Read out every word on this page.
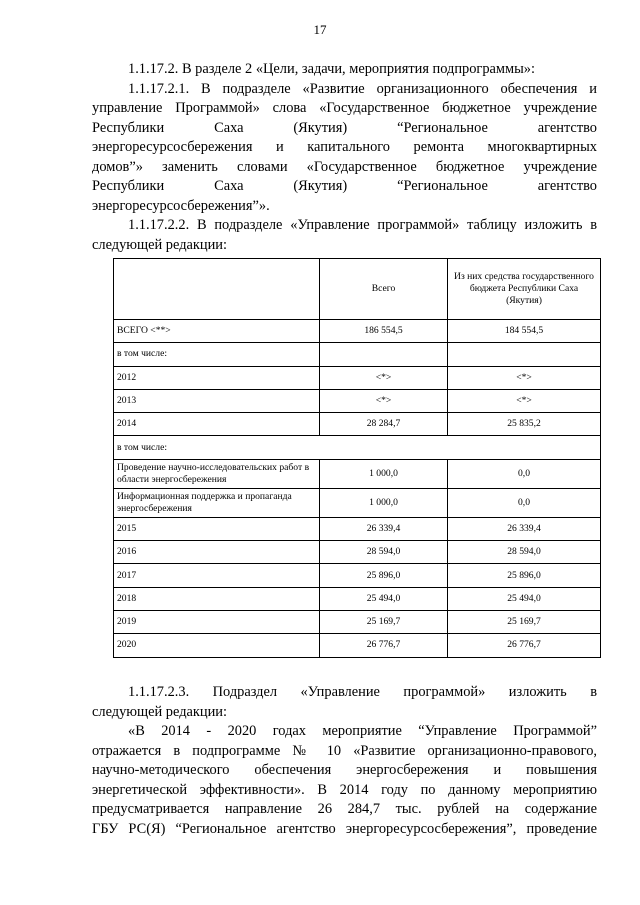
17
1.1.17.2. В разделе 2 «Цели, задачи, мероприятия подпрограммы»:
1.1.17.2.1. В подразделе «Развитие организационного обеспечения и
управление Программой» слова «Государственное бюджетное учреждение
Республики Саха (Якутия) “Региональное агентство
энергоресурсосбережения и капитального ремонта многоквартирных
домов”» заменить словами «Государственное бюджетное учреждение
Республики Саха (Якутия) “Региональное агентство
энергоресурсосбережения”».
1.1.17.2.2. В подразделе «Управление программой» таблицу изложить в
следующей редакции:
	Всего	Из них средства государственного бюджета Республики Саха (Якутия)
ВСЕГО <**>	186 554,5	184 554,5
в том числе:		
2012	<*>	<*>
2013	<*>	<*>
2014	28 284,7	25 835,2
в том числе:		
Проведение научно-исследовательских работ в области энергосбережения	1 000,0	0,0
Информационная поддержка и пропаганда энергосбережения	1 000,0	0,0
2015	26 339,4	26 339,4
2016	28 594,0	28 594,0
2017	25 896,0	25 896,0
2018	25 494,0	25 494,0
2019	25 169,7	25 169,7
2020	26 776,7	26 776,7
1.1.17.2.3. Подраздел «Управление программой» изложить в
следующей редакции:
«В 2014 - 2020 годах мероприятие “Управление Программой”
отражается в подпрограмме № 10 «Развитие организационно-правового,
научно-методического обеспечения энергосбережения и повышения
энергетической эффективности». В 2014 году по данному мероприятию
предусматривается направление 26 284,7 тыс. рублей на содержание
ГБУ РС(Я) “Региональное агентство энергоресурсосбережения”, проведение
